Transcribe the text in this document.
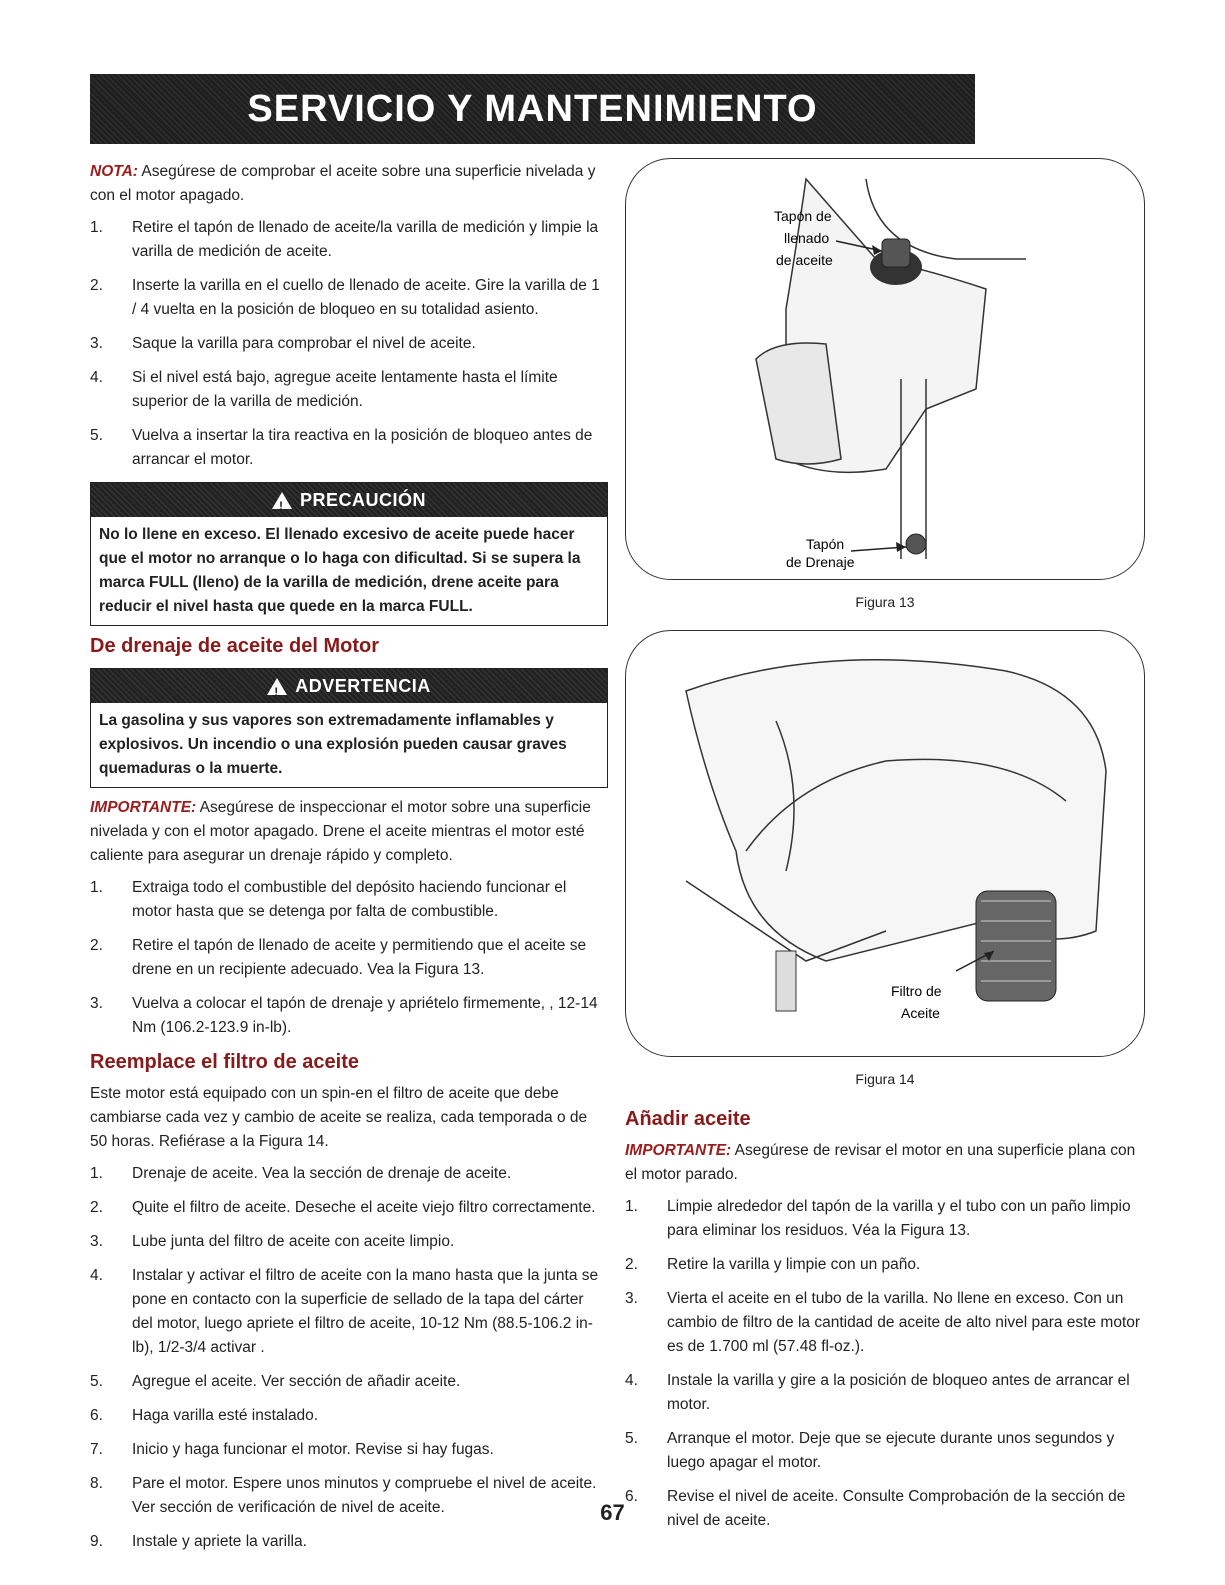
SERVICIO Y MANTENIMIENTO

NOTA: Asegúrese de comprobar el aceite sobre una superficie nivelada y con el motor apagado.

1. Retire el tapón de llenado de aceite/la varilla de medición y limpie la varilla de medición de aceite.
2. Inserte la varilla en el cuello de llenado de aceite. Gire la varilla de 1 / 4 vuelta en la posición de bloqueo en su totalidad asiento.
3. Saque la varilla para comprobar el nivel de aceite.
4. Si el nivel está bajo, agregue aceite lentamente hasta el límite superior de la varilla de medición.
5. Vuelva a insertar la tira reactiva en la posición de bloqueo antes de arrancar el motor.
!
PRECAUCIÓN
No lo llene en exceso. El llenado excesivo de aceite puede hacer que el motor no arranque o lo haga con dificultad. Si se supera la marca FULL (lleno) de la varilla de medición, drene aceite para reducir el nivel hasta que quede en la marca FULL.
De drenaje de aceite del Motor
!
ADVERTENCIA
La gasolina y sus vapores son extremadamente inflamables y explosivos. Un incendio o una explosión pueden causar graves quemaduras o la muerte.

IMPORTANTE: Asegúrese de inspeccionar el motor sobre una superficie nivelada y con el motor apagado. Drene el aceite mientras el motor esté caliente para asegurar un drenaje rápido y completo.

1. Extraiga todo el combustible del depósito haciendo funcionar el motor hasta que se detenga por falta de combustible.
2. Retire el tapón de llenado de aceite y permitiendo que el aceite se drene en un recipiente adecuado. Vea la Figura 13.
3. Vuelva a colocar el tapón de drenaje y apriételo firmemente, , 12-14 Nm (106.2-123.9 in-lb).
Reemplace el filtro de aceite

Este motor está equipado con un spin-en el filtro de aceite que debe cambiarse cada vez y cambio de aceite se realiza, cada temporada o de 50 horas. Refiérase a la Figura 14.

1. Drenaje de aceite. Vea la sección de drenaje de aceite.
2. Quite el filtro de aceite. Deseche el aceite viejo filtro correctamente.
3. Lube junta del filtro de aceite con aceite limpio.
4. Instalar y activar el filtro de aceite con la mano hasta que la junta se pone en contacto con la superficie de sellado de la tapa del cárter del motor, luego apriete el filtro de aceite, 10-12 Nm (88.5-106.2 in-lb), 1/2-3/4 activar .
5. Agregue el aceite. Ver sección de añadir aceite.
6. Haga varilla esté instalado.
7. Inicio y haga funcionar el motor. Revise si hay fugas.
8. Pare el motor. Espere unos minutos y compruebe el nivel de aceite. Ver sección de verificación de nivel de aceite.
9. Instale y apriete la varilla.
Tapón de
llenado
de aceite
Tapón
de Drenaje
Figura 13
Filtro de
Aceite
Figura 14
Añadir aceite

IMPORTANTE: Asegúrese de revisar el motor en una superficie plana con el motor parado.

1. Limpie alrededor del tapón de la varilla y el tubo con un paño limpio para eliminar los residuos. Véa la Figura 13.
2. Retire la varilla y limpie con un paño.
3. Vierta el aceite en el tubo de la varilla. No llene en exceso. Con un cambio de filtro de la cantidad de aceite de alto nivel para este motor es de 1.700 ml (57.48 fl-oz.).
4. Instale la varilla y gire a la posición de bloqueo antes de arrancar el motor.
5. Arranque el motor. Deje que se ejecute durante unos segundos y luego apagar el motor.
6. Revise el nivel de aceite. Consulte Comprobación de la sección de nivel de aceite.
67
